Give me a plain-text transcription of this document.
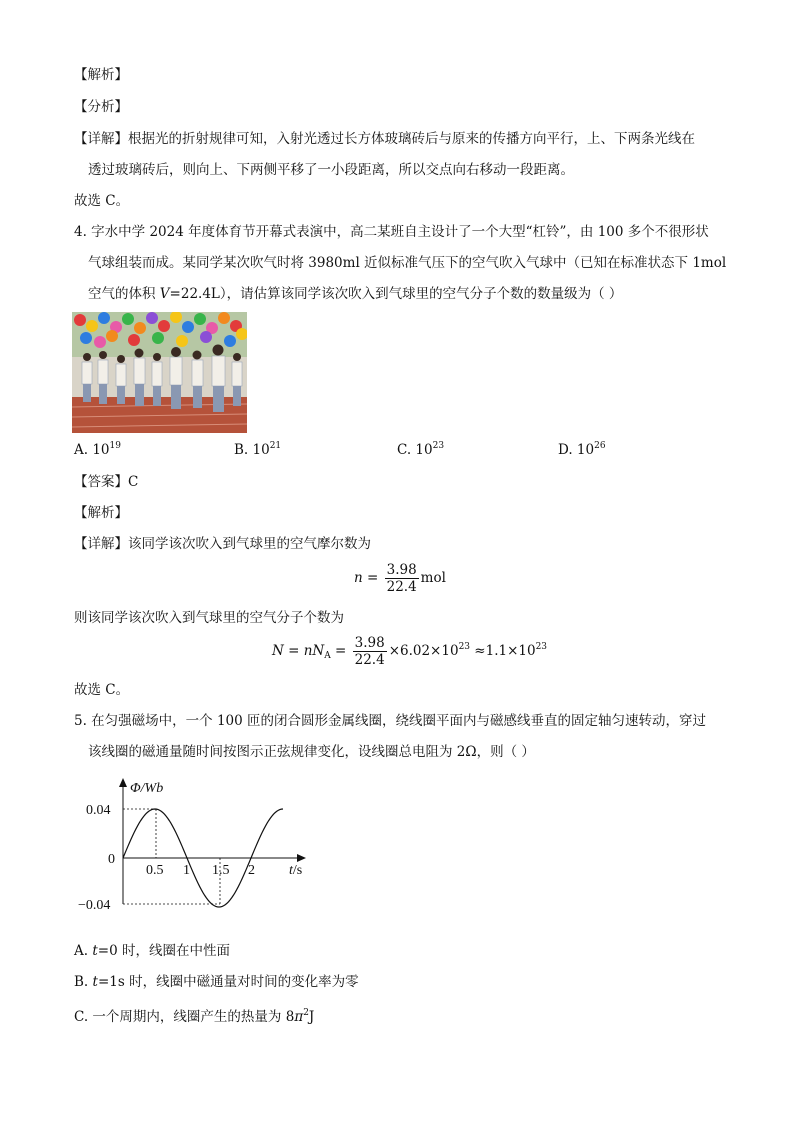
【解析】
【分析】
【详解】根据光的折射规律可知，入射光透过长方体玻璃砖后与原来的传播方向平行，上、下两条光线在
透过玻璃砖后，则向上、下两侧平移了一小段距离，所以交点向右移动一段距离。
故选 C。
4. 字水中学 2024 年度体育节开幕式表演中，高二某班自主设计了一个大型“杠铃”，由 100 多个不很形状
气球组装而成。某同学某次吹气时将 3980ml 近似标准气压下的空气吹入气球中（已知在标准状态下 1mol
空气的体积 V=22.4L），请估算该同学该次吹入到气球里的空气分子个数的数量级为（ ）
A. $10^{19}$	B. $10^{21}$	C. $10^{23}$	D. $10^{26}$
【答案】C
【解析】
【详解】该同学该次吹入到气球里的空气摩尔数为
$n = \frac{3.98}{22.4}$ mol
则该同学该次吹入到气球里的空气分子个数为
$N = nN_A = \frac{3.98}{22.4} \times 6.02\times 10^{23} \approx 1.1\times 10^{23}$
故选 C。
5. 在匀强磁场中，一个 100 匝的闭合圆形金属线圈，绕线圈平面内与磁感线垂直的固定轴匀速转动，穿过
该线圈的磁通量随时间按图示正弦规律变化，设线圈总电阻为 2Ω，则（ ）
Φ/Wb
t/s
0.04
0
−0.04
0.5 1 1.5 2
A. t=0 时，线圈在中性面
B. t=1s 时，线圈中磁通量对时间的变化率为零
C. 一个周期内，线圈产生的热量为 $8\pi^2J$
